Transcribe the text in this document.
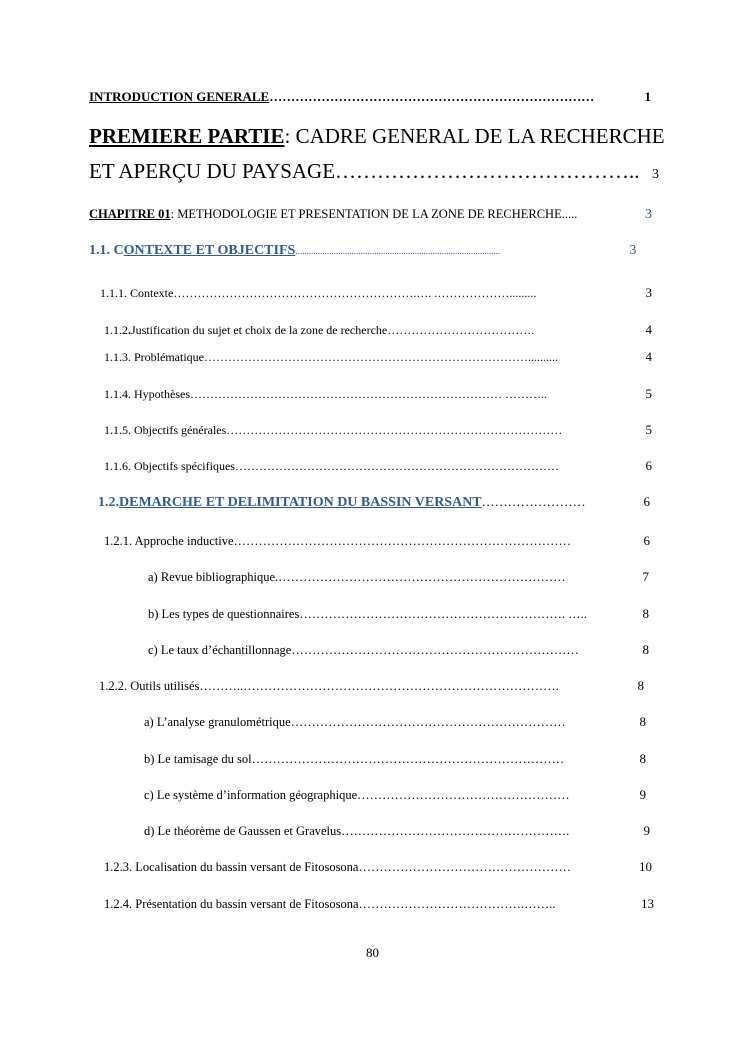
INTRODUCTION GENERALE …………………………………………………………………	1
PREMIERE PARTIE : CADRE GENERAL DE LA RECHERCHE
ET APERÇU DU PAYSAGE …………………………………….. 3
CHAPITRE 01 : METHODOLOGIE ET PRESENTATION DE LA ZONE DE RECHERCHE .....	3
1.1. C ONTEXTE ET OBJECTIFS ...........................................................................................	3
1.1.1. Contexte …………………………………………………….…. .……………….........	3
1.1.2 . Justification du sujet et choix de la zone de recherche ……………………………….	4
1.1.3. Problématique ………………………………………………………………………..........	4
1.1.4. Hypothèses …………………………………………………………………… ………..	5
1.1.5. Objectifs générales …………………………………………………………………………	5
1.1.6. Objectifs spécifiques ………………………………………………………………………	6
1.2. DEMARCHE ET DELIMITATION DU BASSIN VERSANT ……………………	6
1.2.1. Approche inductive ………………………………………………………………………	6
a) Revue bibliographique. ……………………………………………………………	7
b) Les types de questionnaires ………………………………………………………. …..	8
c) Le taux d’échantillonnage ……………………………………………………………	8
1.2.2. Outils utilisés ………..………………………………………………………………….	8
a) L’analyse granulométrique …………………………………………………………	8
b) Le tamisage du sol …………………………………………………………………	8
c) Le système d’information géographique ……………………………………………	9
d) Le théorème de Gaussen et Gravelus ……………………………………………….	9
1.2.3. Localisation du bassin versant de Fitososona ……………………………………………	10
1.2.4. Présentation du bassin versant de Fitososona ………………………………….……..	13
80
